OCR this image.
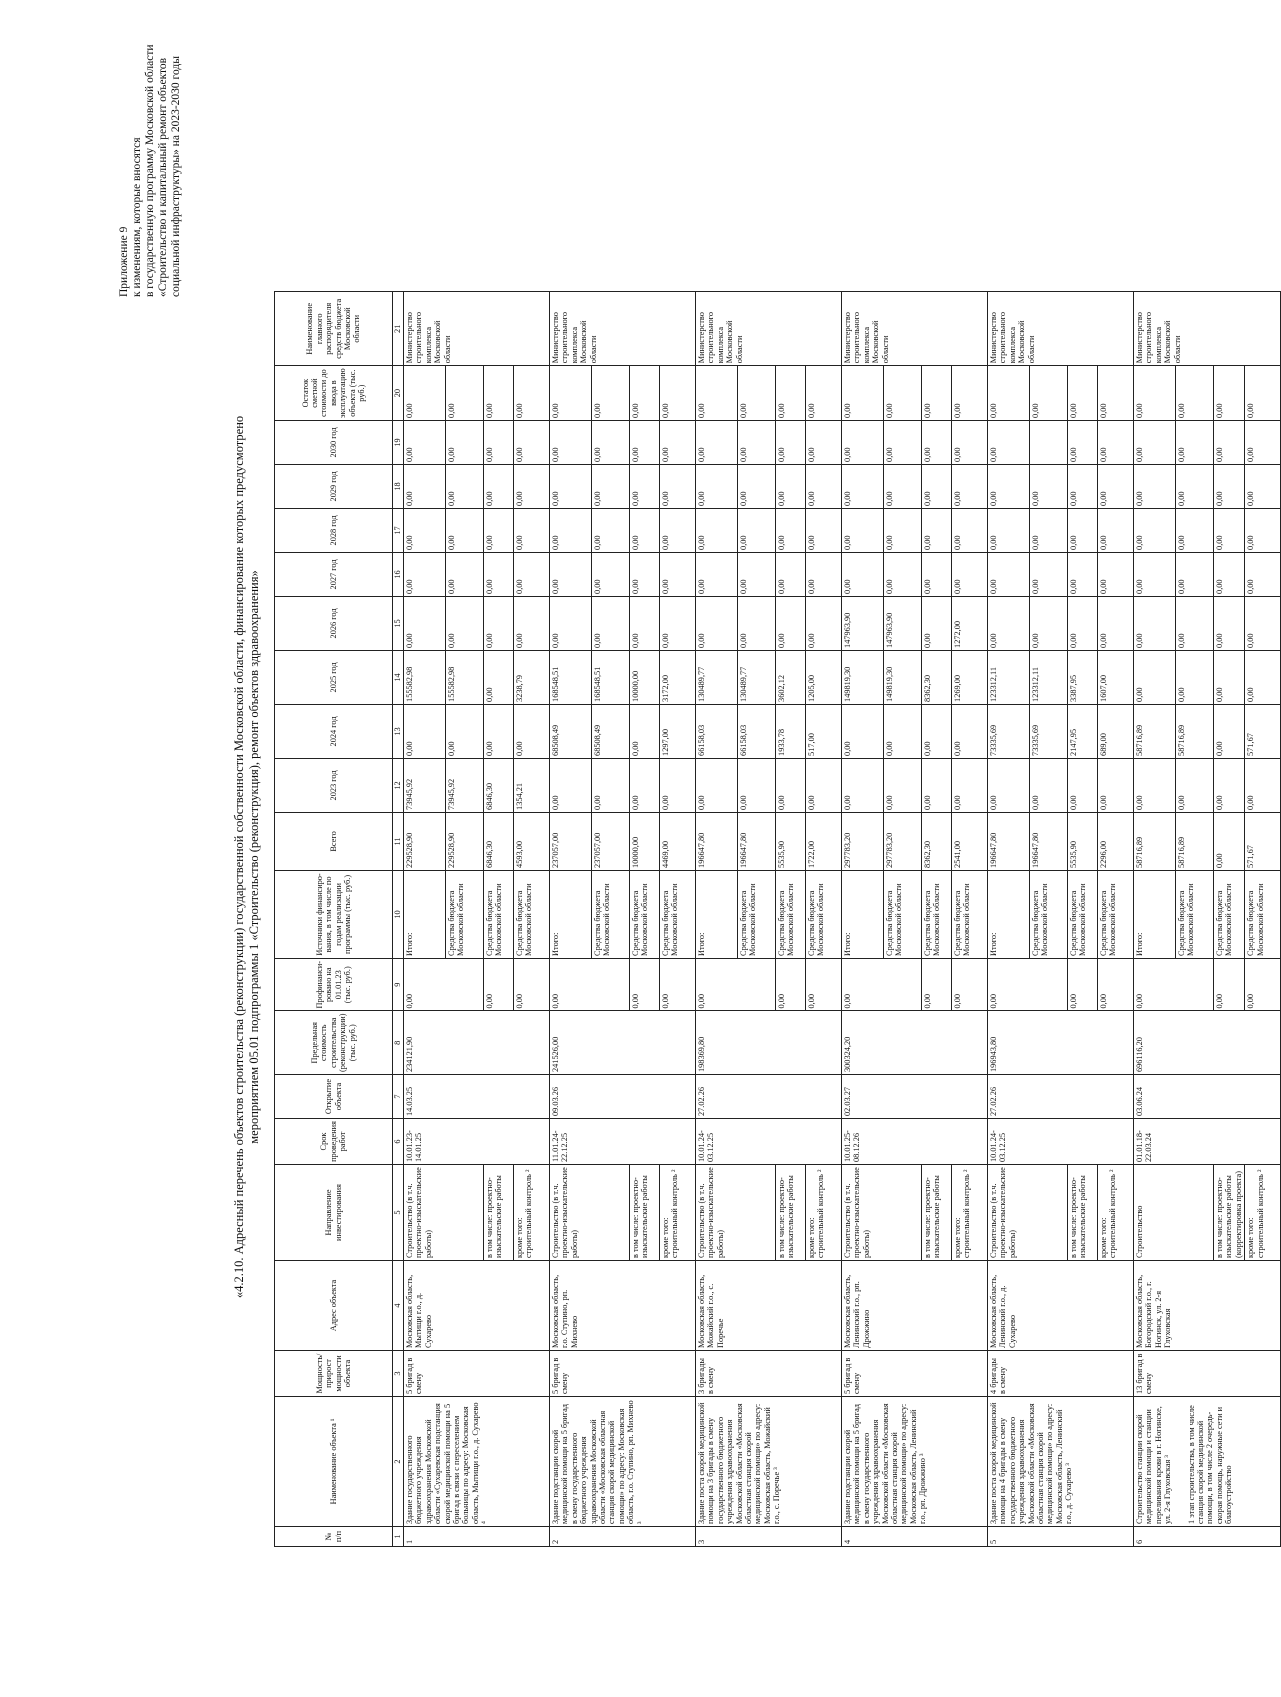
Приложение 9 к изменениям, которые вносятся в государственную программу Московской области «Строительство и капитальный ремонт объектов социальной инфраструктуры» на 2023-2030 годы
«4.2.10. Адресный перечень объектов строительства (реконструкции) государственной собственности Московской области, финансирование которых предусмотрено мероприятием 05.01 подпрограммы 1 «Строительство (реконструкция), ремонт объектов здравоохранения»
№ п/п	Наименование объекта ¹	Мощность/ прирост мощности объекта	Адрес объекта	Направление инвестирования	Срок проведения работ	Открытие объекта	Предельная стоимость строительства (реконструкции) (тыс. руб.)	Профинанси-ровано на 01.01.23 (тыс. руб.)	Источники финансиро-вания, в том числе по годам реализации программы (тыс. руб.)	Всего	2023 год	2024 год	2025 год	2026 год	2027 год	2028 год	2029 год	2030 год	Остаток сметной стоимости до ввода в эксплуатацию объекта (тыс. руб.)	Наименование главного распорядителя средств бюджета Московской области
1	2	3	4	5	6	7	8	9	10	11	12	13	14	15	16	17	18	19	20	21
1	Здание государственного бюджетного учреждения здравоохранения Московской области «Сухаревская подстанция скорой медицинской помощи на 5 бригад в связи с переселением больницы по адресу: Московская область, Мытищи г.о., д. Сухарево ⁴	5 бригад в смену	Московская область, Мытищи г.о., д. Сухарево	Строительство (в т.ч. проектно-изыскательские работы)	10.01.23-14.01.25	14.03.25	234121,90	0,00	Итого:	229528,90	73945,92	0,00	155582,98	0,00	0,00	0,00	0,00	0,00	0,00	Министерство строительного комплекса Московской области
									Средства бюджета Московской области	229528,90	73945,92	0,00	155582,98	0,00	0,00	0,00	0,00	0,00	0,00	
				в том числе: проектно-изыскательские работы				0,00	Средства бюджета Московской области	6846,30	6846,30	0,00	0,00	0,00	0,00	0,00	0,00	0,00	0,00	
				кроме того: строительный контроль ²				0,00	Средства бюджета Московской области	4593,00	1354,21	0,00	3238,79	0,00	0,00	0,00	0,00	0,00	0,00	
2	Здание подстанции скорой медицинской помощи на 5 бригад в смену государственного бюджетного учреждения здравоохранения Московской области «Московская областная станция скорой медицинской помощи» по адресу: Московская область, г.о. Ступино, рп. Михнево ³	5 бригад в смену	Московская область, г.о. Ступино, рп. Михнево	Строительство (в т.ч. проектно-изыскательские работы)	11.01.24-22.12.25	09.03.26	241526,00	0,00	Итого:	237057,00	0,00	68508,49	168548,51	0,00	0,00	0,00	0,00	0,00	0,00	Министерство строительного комплекса Московской области
									Средства бюджета Московской области	237057,00	0,00	68508,49	168548,51	0,00	0,00	0,00	0,00	0,00	0,00	
				в том числе: проектно-изыскательские работы				0,00	Средства бюджета Московской области	10000,00	0,00	0,00	10000,00	0,00	0,00	0,00	0,00	0,00	0,00	
				кроме того: строительный контроль ²				0,00	Средства бюджета Московской области	4469,00	0,00	1297,00	3172,00	0,00	0,00	0,00	0,00	0,00	0,00	
3	Здание поста скорой медицинской помощи на 3 бригады в смену государственного бюджетного учреждения здравоохранения Московской области «Московская областная станция скорой медицинской помощи» по адресу: Московская область, Можайский г.о., с. Поречье ³	3 бригады в смену	Московская область, Можайский г.о., с. Поречье	Строительство (в т.ч. проектно-изыскательские работы)	10.01.24-03.12.25	27.02.26	198369,80	0,00	Итого:	196647,80	0,00	66158,03	130489,77	0,00	0,00	0,00	0,00	0,00	0,00	Министерство строительного комплекса Московской области
									Средства бюджета Московской области	196647,80	0,00	66158,03	130489,77	0,00	0,00	0,00	0,00	0,00	0,00	
				в том числе: проектно-изыскательские работы				0,00	Средства бюджета Московской области	5535,90	0,00	1933,78	3602,12	0,00	0,00	0,00	0,00	0,00	0,00	
				кроме того: строительный контроль ²				0,00	Средства бюджета Московской области	1722,00	0,00	517,00	1205,00	0,00	0,00	0,00	0,00	0,00	0,00	
4	Здание подстанции скорой медицинской помощи на 5 бригад в смену государственного учреждения здравоохранения Московской области «Московская областная станция скорой медицинской помощи» по адресу: Московская область, Ленинский г.о., рп. Дрожжино ³	5 бригад в смену	Московская область, Ленинский г.о., рп. Дрожжино	Строительство (в т.ч. проектно-изыскательские работы)	10.01.25-08.12.26	02.03.27	300324,20	0,00	Итого:	297783,20	0,00	0,00	149819,30	147963,90	0,00	0,00	0,00	0,00	0,00	Министерство строительного комплекса Московской области
									Средства бюджета Московской области	297783,20	0,00	0,00	149819,30	147963,90	0,00	0,00	0,00	0,00	0,00	
				в том числе: проектно-изыскательские работы				0,00	Средства бюджета Московской области	8362,30	0,00	0,00	8362,30	0,00	0,00	0,00	0,00	0,00	0,00	
				кроме того: строительный контроль ²				0,00	Средства бюджета Московской области	2541,00	0,00	0,00	1269,00	1272,00	0,00	0,00	0,00	0,00	0,00	
5	Здание поста скорой медицинской помощи на 4 бригады в смену государственного бюджетного учреждения здравоохранения Московской области «Московская областная станция скорой медицинской помощи» по адресу: Московская область, Ленинский г.о., д. Сухарево ³	4 бригады в смену	Московская область, Ленинский г.о., д. Сухарево	Строительство (в т.ч. проектно-изыскательские работы)	10.01.24-03.12.25	27.02.26	196943,80	0,00	Итого:	196647,80	0,00	73335,69	123312,11	0,00	0,00	0,00	0,00	0,00	0,00	Министерство строительного комплекса Московской области
									Средства бюджета Московской области	196647,80	0,00	73335,69	123312,11	0,00	0,00	0,00	0,00		0,00	
				в том числе: проектно-изыскательские работы				0,00	Средства бюджета Московской области	5535,90	0,00	2147,95	3387,95	0,00	0,00	0,00	0,00	0,00	0,00	
				кроме того: строительный контроль ²				0,00	Средства бюджета Московской области	2296,00	0,00	689,00	1607,00	0,00	0,00	0,00	0,00	0,00	0,00	
6	Строительство станции скорой медицинской помощи и станции переливания крови в г. Ногинске, ул. 2-я Глуховская ³ 1 этап строительства, в том числе станция скорой медицинской помощи, в том числе 2 очередь- скорая помощь, наружные сети и благоустройство	13 бригад в смену	Московская область, Богородский г.о., г. Ногинск, ул. 2-я Глуховская	Строительство	01.01.18-22.03.24	03.06.24	696116,20	0,00	Итого:	58716,89	0,00	58716,89	0,00	0,00	0,00	0,00	0,00	0,00	0,00	Министерство строительного комплекса Московской области
									Средства бюджета Московской области	58716,89	0,00	58716,89	0,00	0,00	0,00	0,00	0,00	0,00	0,00	
				в том числе: проектно-изыскательские работы (корректировка проекта)				0,00	Средства бюджета Московской области	0,00	0,00	0,00	0,00	0,00	0,00	0,00	0,00	0,00	0,00	
				кроме того: строительный контроль ²				0,00	Средства бюджета Московской области	571,67	0,00	571,67	0,00	0,00	0,00	0,00	0,00	0,00	0,00	
